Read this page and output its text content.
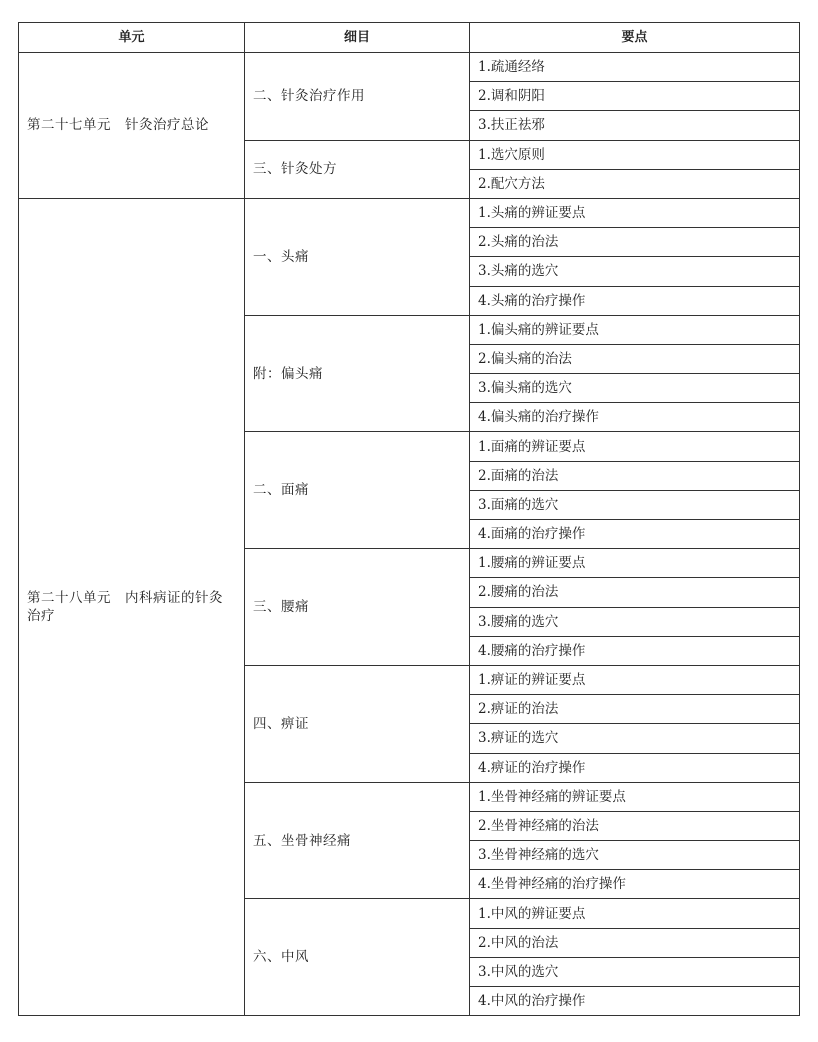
单元	细目	要点
第二十七单元　针灸治疗总论	二、针灸治疗作用	1.疏通经络
		2.调和阴阳
		3.扶正祛邪
	三、针灸处方	1.选穴原则
		2.配穴方法
第二十八单元　内科病证的针灸治疗	一、头痛	1.头痛的辨证要点
		2.头痛的治法
		3.头痛的选穴
		4.头痛的治疗操作
	附：偏头痛	1.偏头痛的辨证要点
		2.偏头痛的治法
		3.偏头痛的选穴
		4.偏头痛的治疗操作
	二、面痛	1.面痛的辨证要点
		2.面痛的治法
		3.面痛的选穴
		4.面痛的治疗操作
	三、腰痛	1.腰痛的辨证要点
		2.腰痛的治法
		3.腰痛的选穴
		4.腰痛的治疗操作
	四、痹证	1.痹证的辨证要点
		2.痹证的治法
		3.痹证的选穴
		4.痹证的治疗操作
	五、坐骨神经痛	1.坐骨神经痛的辨证要点
		2.坐骨神经痛的治法
		3.坐骨神经痛的选穴
		4.坐骨神经痛的治疗操作
	六、中风	1.中风的辨证要点
		2.中风的治法
		3.中风的选穴
		4.中风的治疗操作
